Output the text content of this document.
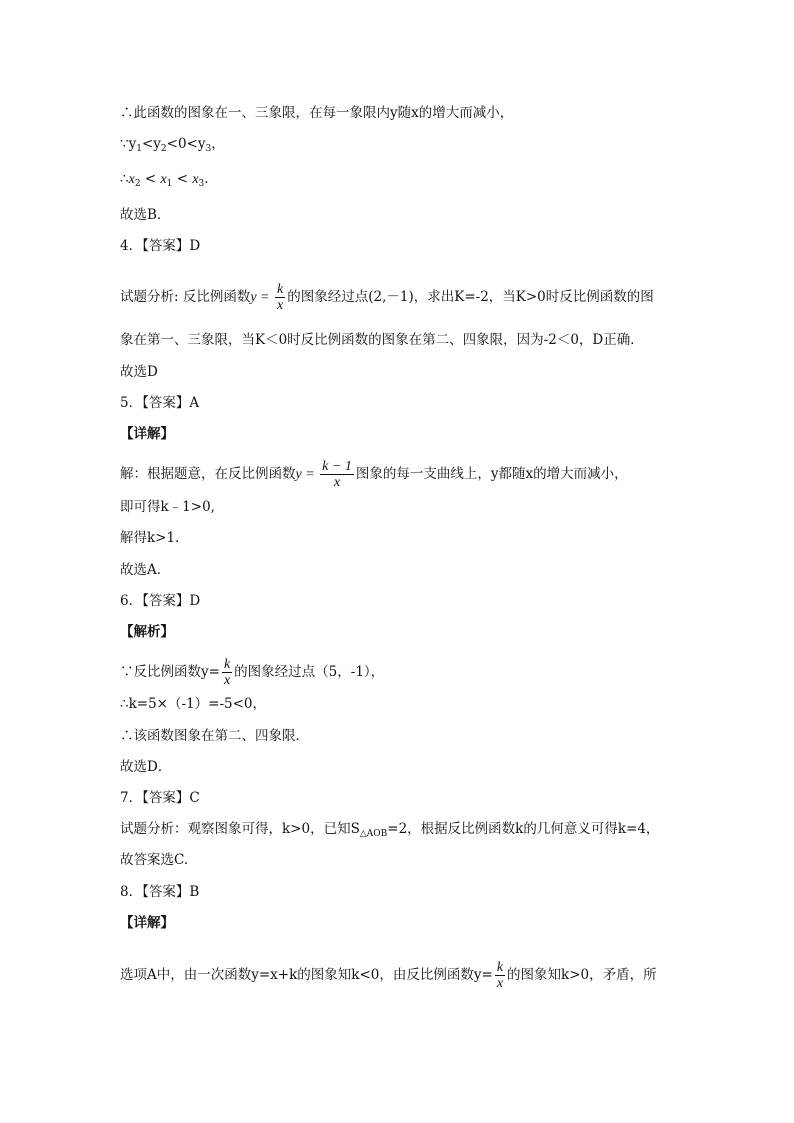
∴此函数的图象在一、三象限，在每一象限内y随x的增大而减小，
$\because y_1<y_2<0<y_3$，
$\therefore x_2 < x_1 < x_3$.
故选B．
4．【答案】D
试题分析: 反比例函数$y = \frac{k}{x}$ 的图象经过点(2,－1)，求出K=-2，当K>0时反比例函数的图
象在第一、三象限，当K＜0时反比例函数的图象在第二、四象限，因为-2＜0，D正确．
故选D
5．【答案】A
【详解】
解：根据题意，在反比例函数$y = \frac{k - 1}{x}$ 图象的每一支曲线上，y都随x的增大而减小，
即可得k﹣1>0,
解得k>1．
故选A．
6．【答案】D
【解析】
∵反比例函数$y= \frac{k}{x}$ 的图象经过点（5，-1），
∴k=5×（-1）=-5<0，
∴该函数图象在第二、四象限．
故选D．
7．【答案】C
试题分析：观察图象可得，k>0，已知$S_{\triangle AOB}=2$，根据反比例函数k的几何意义可得k=4，
故答案选C.
8．【答案】B
【详解】
选项A中，由一次函数y=x+k的图象知k<0，由反比例函数$y= \frac{k}{x}$ 的图象知k>0，矛盾，所
